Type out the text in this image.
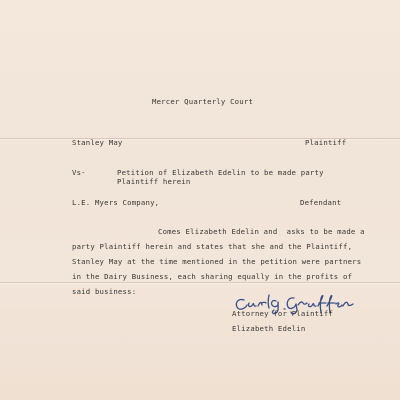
Mercer Quarterly Court
Stanley May	Plaintiff
Vs-	Petition of Elizabeth Edelin to be made party
Plaintiff herein
L.E. Myers Company,	Defendant
Comes Elizabeth Edelin and  asks to be made a
party Plaintiff herein and states that she and the Plaintiff,
Stanley May at the time mentioned in the petition were partners
in the Dairy Business, each sharing equally in the profits of
said business:
Attorney for Plaintiff
Elizabeth Edelin
